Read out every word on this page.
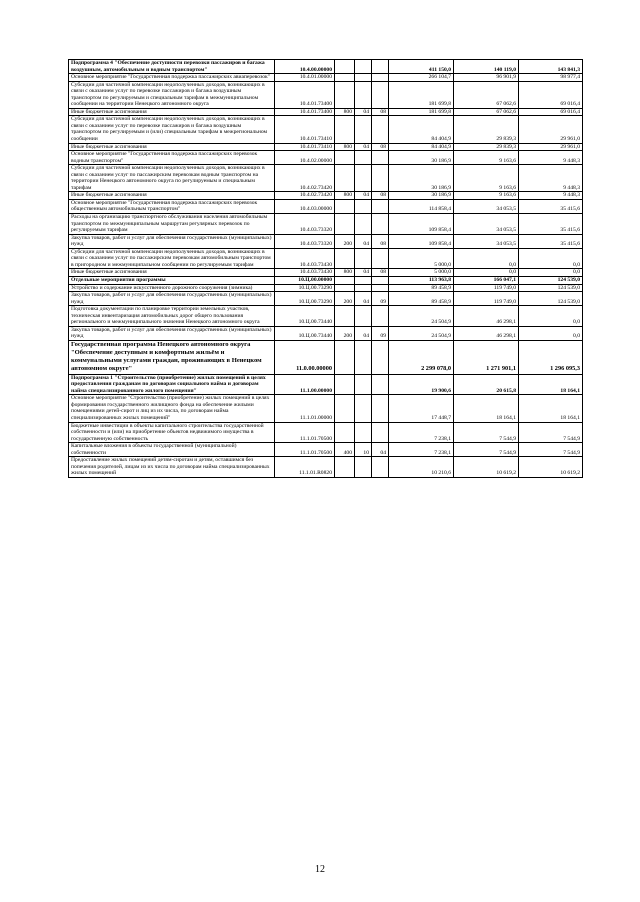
Подпрограмма 4 "Обеспечение доступности перевозки пассажиров и багажа воздушным, автомобильным и водным транспортом"	10.4.00.00000				411 150,0	140 119,0	143 841,3
Основное мероприятие "Государственная поддержка пассажирских авиаперевозок"	10.4.01.00000				266 104,7	96 901,9	98 977,4
Субсидии для частичной компенсации недополученных доходов, возникающих в связи с оказанием услуг по перевозке пассажиров и багажа воздушным транспортом по регулируемым и специальным тарифам в межмуниципальном сообщении на территории Ненецкого автономного округа	10.4.01.73400				181 699,8	67 062,6	69 016,4
Иные бюджетные ассигнования	10.4.01.73400	800	04	08	181 699,8	67 062,6	69 016,4
Субсидии для частичной компенсации недополученных доходов, возникающих в связи с оказанием услуг по перевозке пассажиров и багажа воздушным транспортом по регулируемым и (или) специальным тарифам в межрегиональном сообщении	10.4.01.73410				84 404,9	29 839,3	29 961,0
Иные бюджетные ассигнования	10.4.01.73410	800	04	08	84 404,9	29 839,3	29 961,0
Основное мероприятие "Государственная поддержка пассажирских перевозок водным транспортом"	10.4.02.00000				30 186,9	9 163,6	9 448,3
Субсидии для частичной компенсации недополученных доходов, возникающих в связи с оказанием услуг по пассажирским перевозкам водным транспортом на территории Ненецкого автономного округа по регулируемым и специальным тарифам	10.4.02.73420				30 186,9	9 163,6	9 448,3
Иные бюджетные ассигнования	10.4.02.73420	800	04	08	30 186,9	9 163,6	9 448,3
Основное мероприятие "Государственная поддержка пассажирских перевозок общественным автомобильным транспортом"	10.4.03.00000				114 858,4	34 053,5	35 415,6
Расходы на организацию транспортного обслуживания населения автомобильным транспортом по межмуниципальным маршрутам регулярных перевозок по регулируемым тарифам	10.4.03.73320				109 858,4	34 053,5	35 415,6
Закупка товаров, работ и услуг для обеспечения государственных (муниципальных) нужд	10.4.03.73320	200	04	08	109 858,4	34 053,5	35 415,6
Субсидии для частичной компенсации недополученных доходов, возникающих в связи с оказанием услуг по пассажирским перевозкам автомобильным транспортом в пригородном и межмуниципальном сообщении по регулируемым тарифам	10.4.03.73430				5 000,0	0,0	0,0
Иные бюджетные ассигнования	10.4.03.73430	800	04	08	5 000,0	0,0	0,0
Отдельные мероприятия программы	10.Ц.00.00000				113 963,8	166 047,1	124 539,0
Устройство и содержание искусственного дорожного сооружения (зимника)	10.Ц.00.73290				89 458,9	119 749,0	124 539,0
Закупка товаров, работ и услуг для обеспечения государственных (муниципальных) нужд	10.Ц.00.73290	200	04	09	89 458,9	119 749,0	124 539,0
Подготовка документации по планировке территории земельных участков, техническая инвентаризация автомобильных дорог общего пользования регионального и межмуниципального значения Ненецкого автономного округа	10.Ц.00.73440				24 504,9	46 298,1	0,0
Закупка товаров, работ и услуг для обеспечения государственных (муниципальных) нужд	10.Ц.00.73440	200	04	09	24 504,9	46 298,1	0,0
Государственная программа Ненецкого автономного округа "Обеспечение доступным и комфортным жильём и коммунальными услугами граждан, проживающих в Ненецком автономном округе"	11.0.00.00000				2 299 078,0	1 271 901,1	1 296 095,3
Подпрограмма 1 "Строительство (приобретение) жилых помещений в целях предоставления гражданам по договорам социального найма и договорам найма специализированного жилого помещения"	11.1.00.00000				19 900,6	20 615,8	18 164,1
Основное мероприятие "Строительство (приобретение) жилых помещений в целях формирования государственного жилищного фонда на обеспечение жилыми помещениями детей-сирот и лиц из их числа, по договорам найма специализированных жилых помещений"	11.1.01.00000				17 448,7	18 164,1	18 164,1
Бюджетные инвестиции в объекты капитального строительства государственной собственности и (или) на приобретение объектов недвижимого имущества в государственную собственность	11.1.01.70500				7 238,1	7 544,9	7 544,9
Капитальные вложения в объекты государственной (муниципальной) собственности	11.1.01.70500	400	10	04	7 238,1	7 544,9	7 544,9
Предоставление жилых помещений детям-сиротам и детям, оставшимся без попечения родителей, лицам из их числа по договорам найма специализированных жилых помещений	11.1.01.R0820				10 210,6	10 619,2	10 619,2
12
